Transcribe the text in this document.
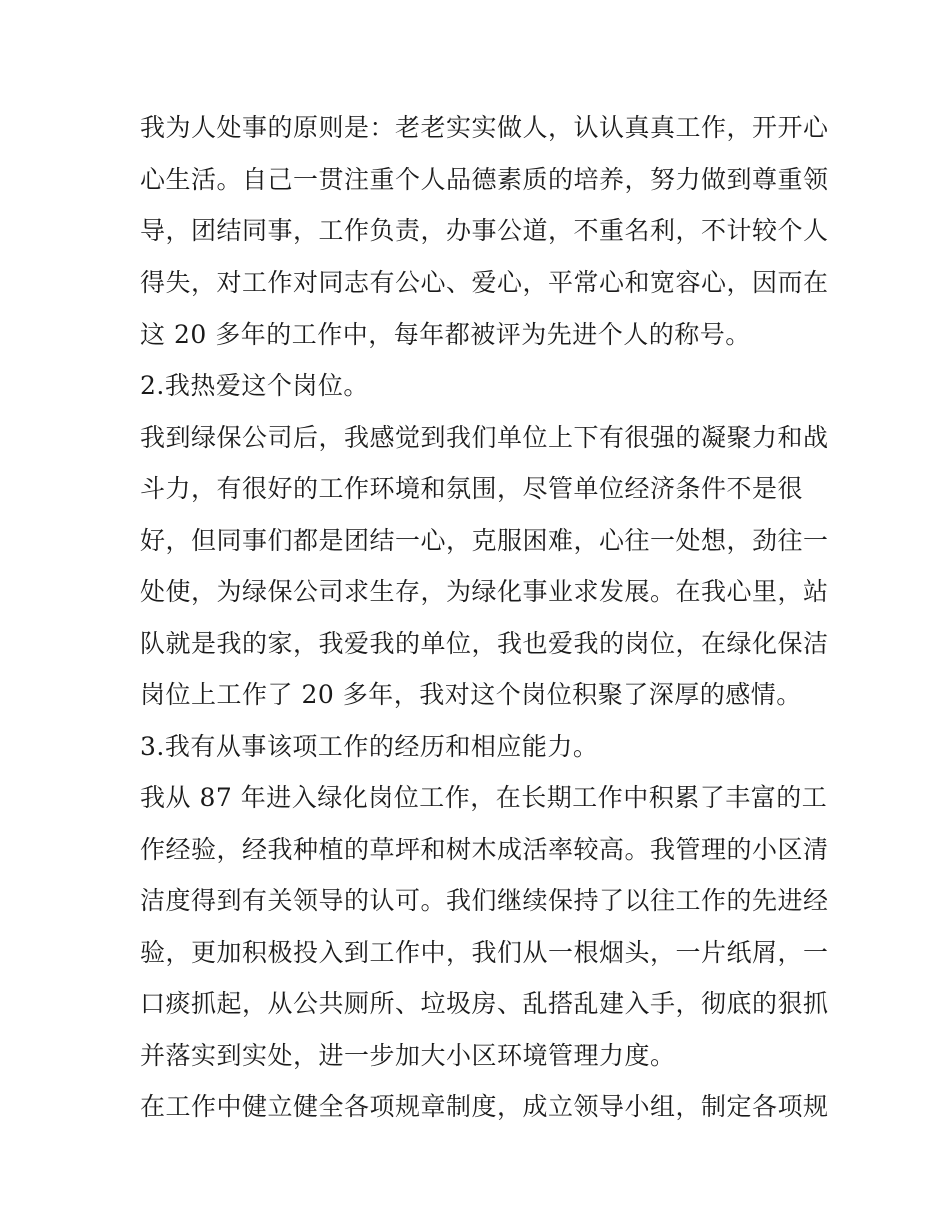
我为人处事的原则是：老老实实做人，认认真真工作，开开心
心生活。自己一贯注重个人品德素质的培养，努力做到尊重领
导，团结同事，工作负责，办事公道，不重名利，不计较个人
得失，对工作对同志有公心、爱心，平常心和宽容心，因而在
这 20 多年的工作中，每年都被评为先进个人的称号。
2.我热爱这个岗位。
我到绿保公司后，我感觉到我们单位上下有很强的凝聚力和战
斗力，有很好的工作环境和氛围，尽管单位经济条件不是很
好，但同事们都是团结一心，克服困难，心往一处想，劲往一
处使，为绿保公司求生存，为绿化事业求发展。在我心里，站
队就是我的家，我爱我的单位，我也爱我的岗位，在绿化保洁
岗位上工作了 20 多年，我对这个岗位积聚了深厚的感情。
3.我有从事该项工作的经历和相应能力。
我从 87 年进入绿化岗位工作，在长期工作中积累了丰富的工
作经验，经我种植的草坪和树木成活率较高。我管理的小区清
洁度得到有关领导的认可。我们继续保持了以往工作的先进经
验，更加积极投入到工作中，我们从一根烟头，一片纸屑，一
口痰抓起，从公共厕所、垃圾房、乱搭乱建入手，彻底的狠抓
并落实到实处，进一步加大小区环境管理力度。
在工作中健立健全各项规章制度，成立领导小组，制定各项规
